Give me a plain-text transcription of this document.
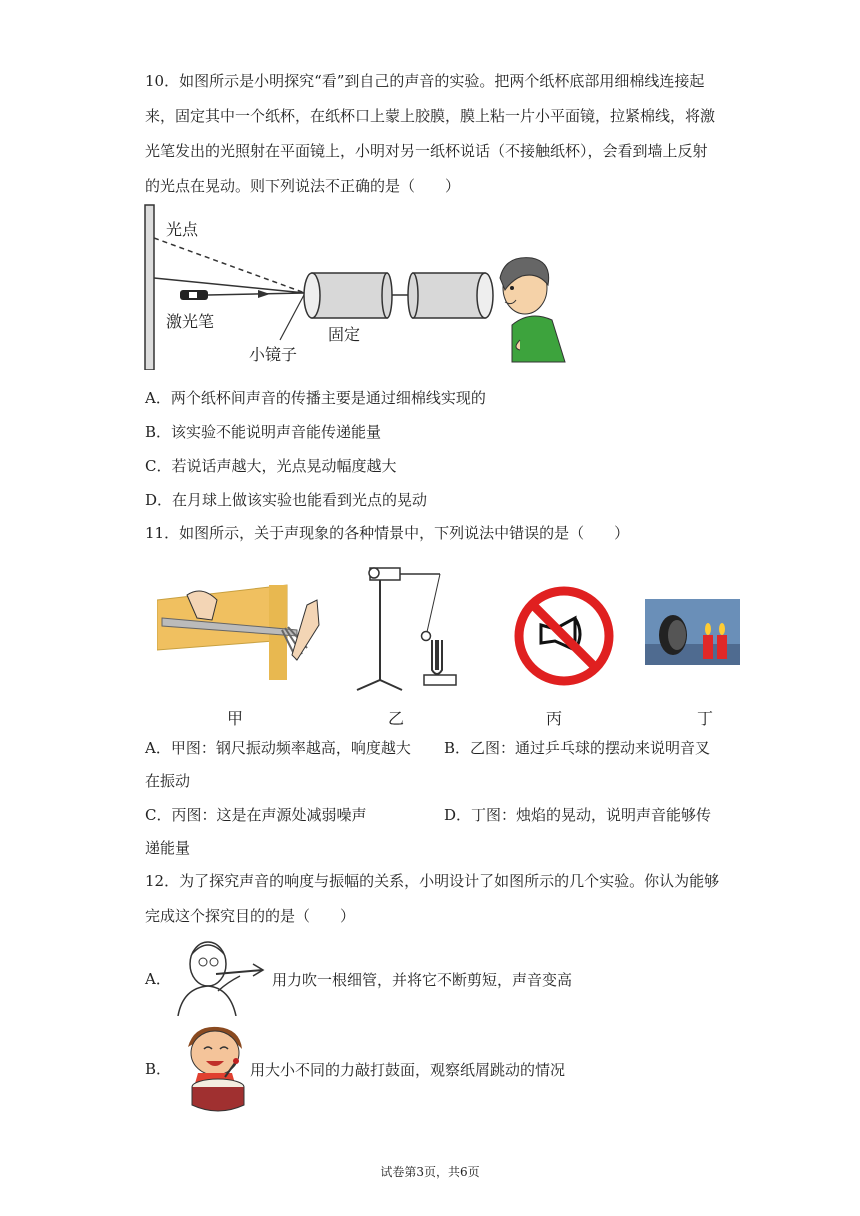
10．如图所示是小明探究“看”到自己的声音的实验。把两个纸杯底部用细棉线连接起
来，固定其中一个纸杯，在纸杯口上蒙上胶膜，膜上粘一片小平面镜，拉紧棉线，将激
光笔发出的光照射在平面镜上，小明对另一纸杯说话（不接触纸杯），会看到墙上反射
的光点在晃动。则下列说法不正确的是（　　）
光点
激光笔
固定
小镜子
A．两个纸杯间声音的传播主要是通过细棉线实现的
B．该实验不能说明声音能传递能量
C．若说话声越大，光点晃动幅度越大
D．在月球上做该实验也能看到光点的晃动
11．如图所示，关于声现象的各种情景中，下列说法中错误的是（　　）
甲	乙	丙	丁
A．甲图：钢尺振动频率越高，响度越大 B．乙图：通过乒乓球的摆动来说明音叉
在振动
C．丙图：这是在声源处减弱噪声	D．丁图：烛焰的晃动，说明声音能够传
递能量
12．为了探究声音的响度与振幅的关系，小明设计了如图所示的几个实验。你认为能够
完成这个探究目的的是（　　）
A．	用力吹一根细管，并将它不断剪短，声音变高
B．	用大小不同的力敲打鼓面，观察纸屑跳动的情况
试卷第3页，共6页
